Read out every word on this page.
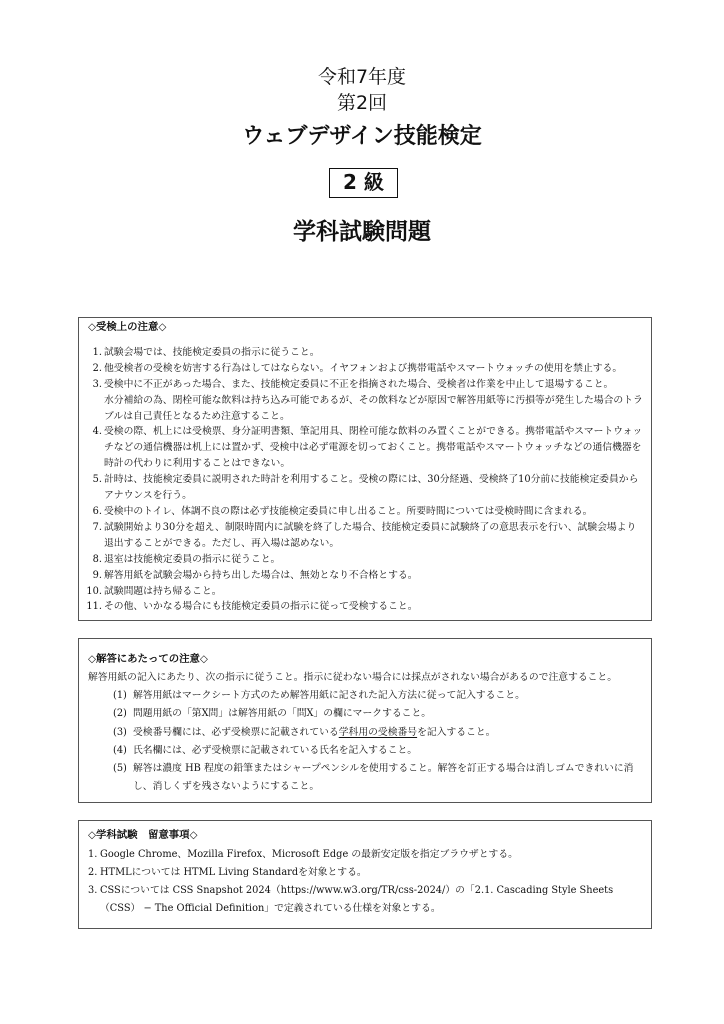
令和7年度
第2回
ウェブデザイン技能検定
2 級
学科試験問題
◇受検上の注意◇
1. 試験会場では、技能検定委員の指示に従うこと。
2. 他受検者の受検を妨害する行為はしてはならない。イヤフォンおよび携帯電話やスマートウォッチの使用を禁止する。
3. 受検中に不正があった場合、また、技能検定委員に不正を指摘された場合、受検者は作業を中止して退場すること。
水分補給の為、閉栓可能な飲料は持ち込み可能であるが、その飲料などが原因で解答用紙等に汚損等が発生した場合のトラブルは自己責任となるため注意すること。
4. 受検の際、机上には受検票、身分証明書類、筆記用具、閉栓可能な飲料のみ置くことができる。携帯電話やスマートウォッチなどの通信機器は机上には置かず、受検中は必ず電源を切っておくこと。携帯電話やスマートウォッチなどの通信機器を時計の代わりに利用することはできない。
5. 計時は、技能検定委員に説明された時計を利用すること。受検の際には、30分経過、受検終了10分前に技能検定委員からアナウンスを行う。
6. 受検中のトイレ、体調不良の際は必ず技能検定委員に申し出ること。所要時間については受検時間に含まれる。
7. 試験開始より30分を超え、制限時間内に試験を終了した場合、技能検定委員に試験終了の意思表示を行い、試験会場より退出することができる。ただし、再入場は認めない。
8. 退室は技能検定委員の指示に従うこと。
9. 解答用紙を試験会場から持ち出した場合は、無効となり不合格とする。
10. 試験問題は持ち帰ること。
11. その他、いかなる場合にも技能検定委員の指示に従って受検すること。
◇解答にあたっての注意◇
解答用紙の記入にあたり、次の指示に従うこと。指示に従わない場合には採点がされない場合があるので注意すること。
(1) 解答用紙はマークシート方式のため解答用紙に記された記入方法に従って記入すること。
(2) 問題用紙の「第X問」は解答用紙の「問X」の欄にマークすること。
(3) 受検番号欄には、必ず受検票に記載されている学科用の受検番号を記入すること。
(4) 氏名欄には、必ず受検票に記載されている氏名を記入すること。
(5) 解答は濃度 HB 程度の鉛筆またはシャープペンシルを使用すること。解答を訂正する場合は消しゴムできれいに消し、消しくずを残さないようにすること。
◇学科試験　留意事項◇
1. Google Chrome、Mozilla Firefox、Microsoft Edge の最新安定版を指定ブラウザとする。
2. HTMLについては HTML Living Standardを対象とする。
3. CSSについては CSS Snapshot 2024（https://www.w3.org/TR/css-2024/）の「2.1. Cascading Style Sheets （CSS） − The Official Definition」で定義されている仕様を対象とする。
